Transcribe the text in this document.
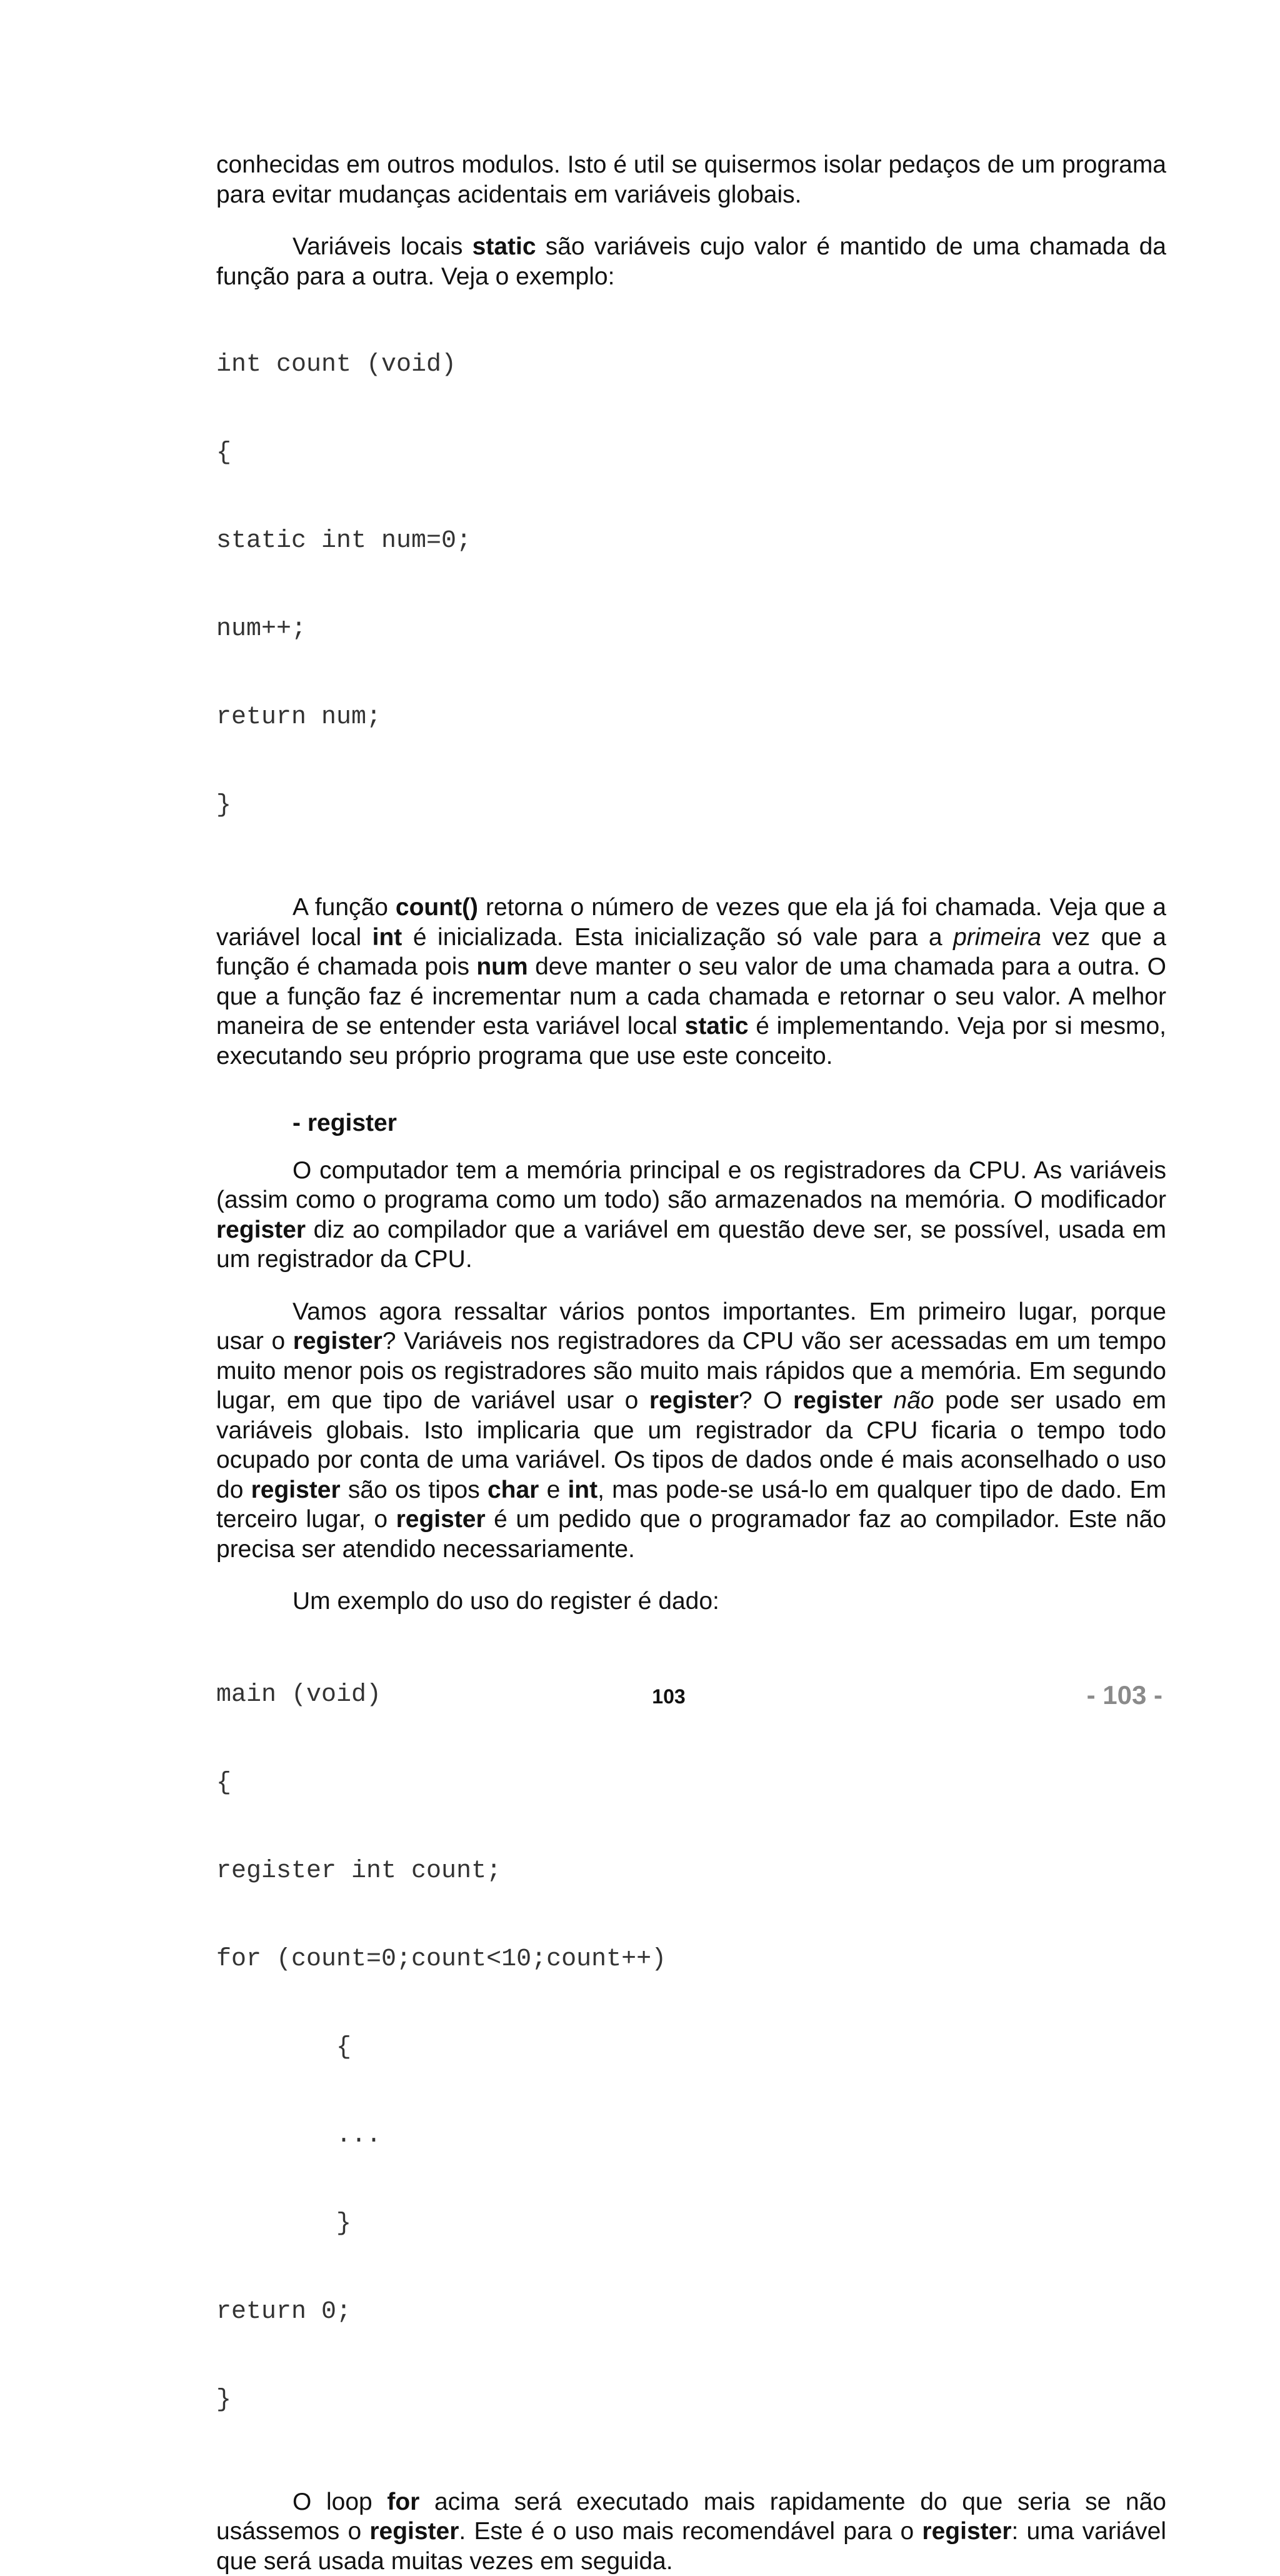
conhecidas em outros modulos. Isto é util se quisermos isolar pedaços de um programa para evitar mudanças acidentais em variáveis globais.

Variáveis locais static são variáveis cujo valor é mantido de uma chamada da função para a outra. Veja o exemplo:

int count (void)

{

static int num=0;

num++;

return num;

}

A função count() retorna o número de vezes que ela já foi chamada. Veja que a variável local int é inicializada. Esta inicialização só vale para a primeira vez que a função é chamada pois num deve manter o seu valor de uma chamada para a outra. O que a função faz é incrementar num a cada chamada e retornar o seu valor. A melhor maneira de se entender esta variável local static é implementando. Veja por si mesmo, executando seu próprio programa que use este conceito.

- register

O computador tem a memória principal e os registradores da CPU. As variáveis (assim como o programa como um todo) são armazenados na memória. O modificador register diz ao compilador que a variável em questão deve ser, se possível, usada em um registrador da CPU.

Vamos agora ressaltar vários pontos importantes. Em primeiro lugar, porque usar o register? Variáveis nos registradores da CPU vão ser acessadas em um tempo muito menor pois os registradores são muito mais rápidos que a memória. Em segundo lugar, em que tipo de variável usar o register? O register não pode ser usado em variáveis globais. Isto implicaria que um registrador da CPU ficaria o tempo todo ocupado por conta de uma variável. Os tipos de dados onde é mais aconselhado o uso do register são os tipos char e int, mas pode-se usá-lo em qualquer tipo de dado. Em terceiro lugar, o register é um pedido que o programador faz ao compilador. Este não precisa ser atendido necessariamente.

Um exemplo do uso do register é dado:

main (void)

{

register int count;

for (count=0;count<10;count++)

{

...

}

return 0;

}

O loop for acima será executado mais rapidamente do que seria se não usássemos o register. Este é o uso mais recomendável para o register: uma variável que será usada muitas vezes em seguida.

103	- 103 -
